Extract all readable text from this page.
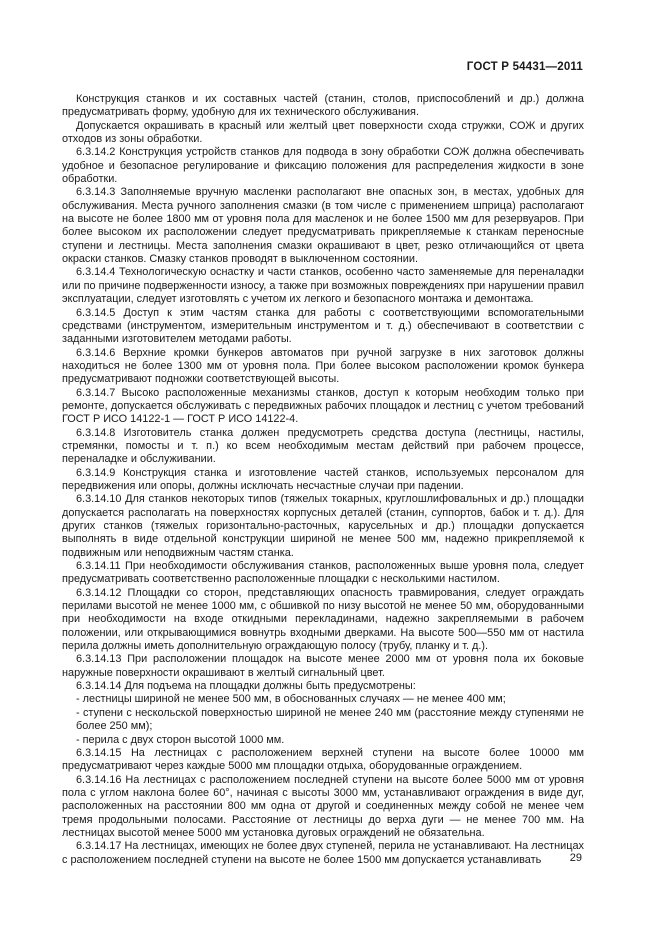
ГОСТ Р 54431—2011

Конструкция станков и их составных частей (станин, столов, приспособлений и др.) должна предусматривать форму, удобную для их технического обслуживания.

Допускается окрашивать в красный или желтый цвет поверхности схода стружки, СОЖ и других отходов из зоны обработки.

6.3.14.2 Конструкция устройств станков для подвода в зону обработки СОЖ должна обеспечивать удобное и безопасное регулирование и фиксацию положения для распределения жидкости в зоне обработки.

6.3.14.3 Заполняемые вручную масленки располагают вне опасных зон, в местах, удобных для обслуживания. Места ручного заполнения смазки (в том числе с применением шприца) располагают на высоте не более 1800 мм от уровня пола для масленок и не более 1500 мм для резервуаров. При более высоком их расположении следует предусматривать прикрепляемые к станкам переносные ступени и лестницы. Места заполнения смазки окрашивают в цвет, резко отличающийся от цвета окраски станков. Смазку станков проводят в выключенном состоянии.

6.3.14.4 Технологическую оснастку и части станков, особенно часто заменяемые для переналадки или по причине подверженности износу, а также при возможных повреждениях при нарушении правил эксплуатации, следует изготовлять с учетом их легкого и безопасного монтажа и демонтажа.

6.3.14.5 Доступ к этим частям станка для работы с соответствующими вспомогательными средствами (инструментом, измерительным инструментом и т. д.) обеспечивают в соответствии с заданными изготовителем методами работы.

6.3.14.6 Верхние кромки бункеров автоматов при ручной загрузке в них заготовок должны находиться не более 1300 мм от уровня пола. При более высоком расположении кромок бункера предусматривают подножки соответствующей высоты.

6.3.14.7 Высоко расположенные механизмы станков, доступ к которым необходим только при ремонте, допускается обслуживать с передвижных рабочих площадок и лестниц с учетом требований ГОСТ Р ИСО 14122-1 — ГОСТ Р ИСО 14122-4.

6.3.14.8 Изготовитель станка должен предусмотреть средства доступа (лестницы, настилы, стремянки, помосты и т. п.) ко всем необходимым местам действий при рабочем процессе, переналадке и обслуживании.

6.3.14.9 Конструкция станка и изготовление частей станков, используемых персоналом для передвижения или опоры, должны исключать несчастные случаи при падении.

6.3.14.10 Для станков некоторых типов (тяжелых токарных, круглошлифовальных и др.) площадки допускается располагать на поверхностях корпусных деталей (станин, суппортов, бабок и т. д.). Для других станков (тяжелых горизонтально-расточных, карусельных и др.) площадки допускается выполнять в виде отдельной конструкции шириной не менее 500 мм, надежно прикрепляемой к подвижным или неподвижным частям станка.

6.3.14.11 При необходимости обслуживания станков, расположенных выше уровня пола, следует предусматривать соответственно расположенные площадки с несколькими настилом.

6.3.14.12 Площадки со сторон, представляющих опасность травмирования, следует ограждать перилами высотой не менее 1000 мм, с обшивкой по низу высотой не менее 50 мм, оборудованными при необходимости на входе откидными перекладинами, надежно закрепляемыми в рабочем положении, или открывающимися вовнутрь входными дверками. На высоте 500—550 мм от настила перила должны иметь дополнительную ограждающую полосу (трубу, планку и т. д.).

6.3.14.13 При расположении площадок на высоте менее 2000 мм от уровня пола их боковые наружные поверхности окрашивают в желтый сигнальный цвет.

6.3.14.14 Для подъема на площадки должны быть предусмотрены:

- лестницы шириной не менее 500 мм, в обоснованных случаях — не менее 400 мм;

- ступени с нескольской поверхностью шириной не менее 240 мм (расстояние между ступенями не более 250 мм);

- перила с двух сторон высотой 1000 мм.

6.3.14.15 На лестницах с расположением верхней ступени на высоте более 10000 мм предусматривают через каждые 5000 мм площадки отдыха, оборудованные ограждением.

6.3.14.16 На лестницах с расположением последней ступени на высоте более 5000 мм от уровня пола с углом наклона более 60°, начиная с высоты 3000 мм, устанавливают ограждения в виде дуг, расположенных на расстоянии 800 мм одна от другой и соединенных между собой не менее чем тремя продольными полосами. Расстояние от лестницы до верха дуги — не менее 700 мм. На лестницах высотой менее 5000 мм установка дуговых ограждений не обязательна.

6.3.14.17 На лестницах, имеющих не более двух ступеней, перила не устанавливают. На лестницах с расположением последней ступени на высоте не более 1500 мм допускается устанавливать	29
